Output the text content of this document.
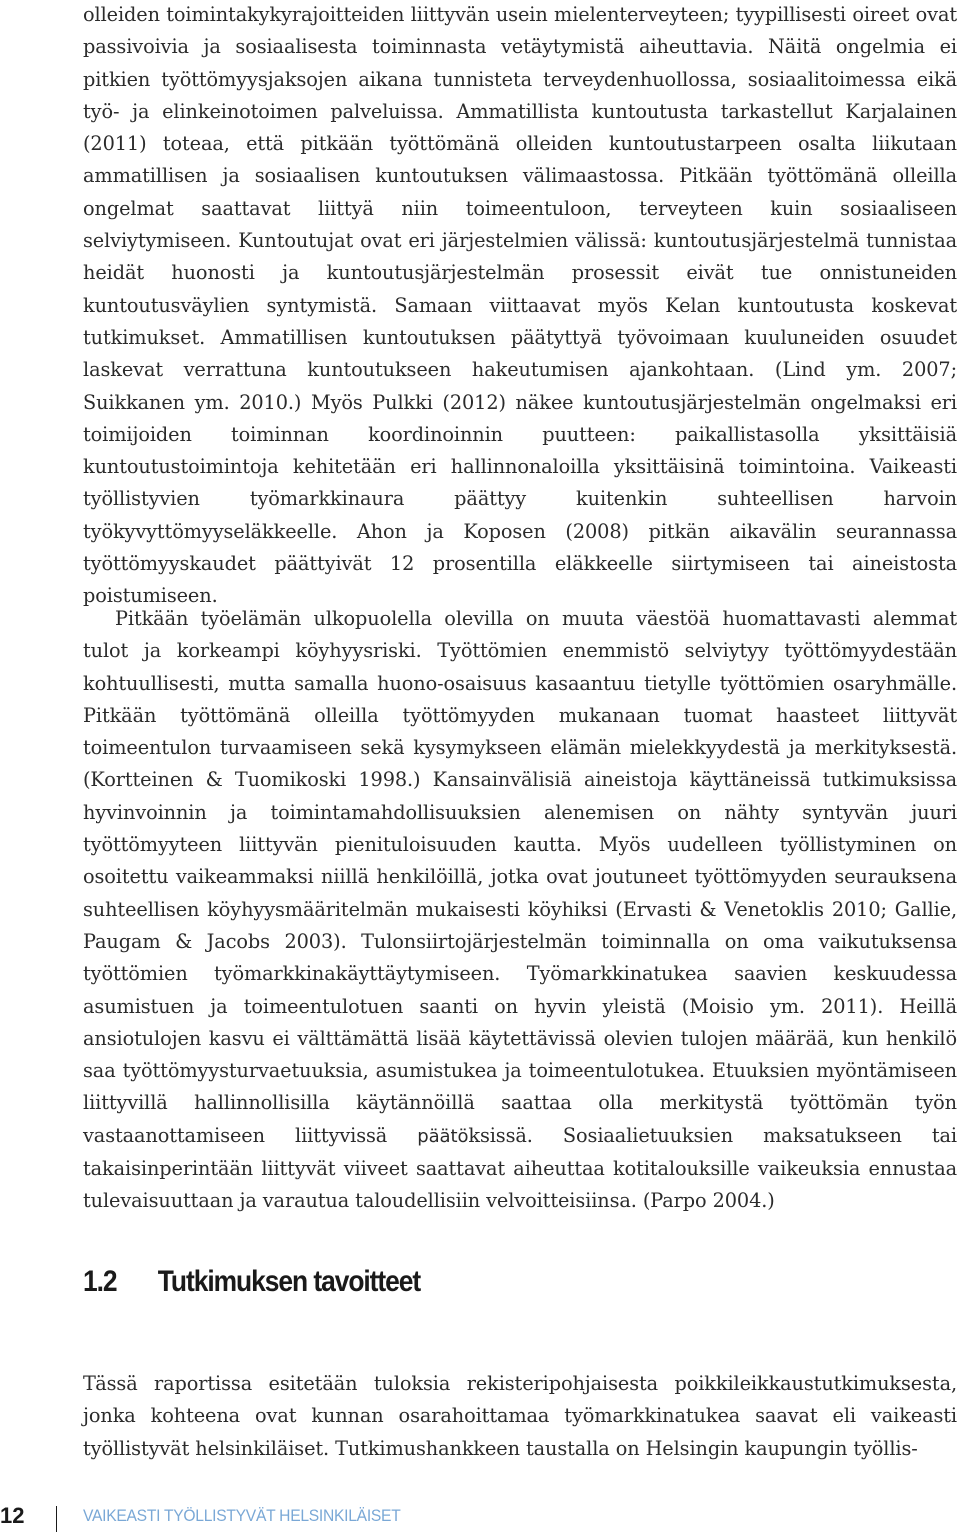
olleiden toimintakykyrajoitteiden liittyvän usein mielenterveyteen; tyypillisesti oireet ovat passivoivia ja sosiaalisesta toiminnasta vetäytymistä aiheuttavia. Näitä ongelmia ei pitkien työttömyysjaksojen aikana tunnisteta terveydenhuollossa, sosiaalitoimessa eikä työ- ja elinkeinotoimen palveluissa. Ammatillista kuntoutusta tarkastellut Karjalainen (2011) toteaa, että pitkään työttömänä olleiden kuntoutustarpeen osalta liikutaan ammatillisen ja sosiaalisen kuntoutuksen välimaastossa. Pitkään työttömänä olleilla ongelmat saattavat liittyä niin toimeentuloon, terveyteen kuin sosiaaliseen selviytymiseen. Kuntoutujat ovat eri järjestelmien välissä: kuntoutusjärjestelmä tunnistaa heidät huonosti ja kuntoutusjärjestelmän prosessit eivät tue onnistuneiden kuntoutusväylien syntymistä. Samaan viittaavat myös Kelan kuntoutusta koskevat tutkimukset. Ammatillisen kuntoutuksen päätyttyä työvoimaan kuuluneiden osuudet laskevat verrattuna kuntoutukseen hakeutumisen ajankohtaan. (Lind ym. 2007; Suikkanen ym. 2010.) Myös Pulkki (2012) näkee kuntoutusjärjestelmän ongelmaksi eri toimijoiden toiminnan koordinoinnin puutteen: paikallistasolla yksittäisiä kuntoutustoimintoja kehitetään eri hallinnonaloilla yksittäisinä toimintoina. Vaikeasti työllistyvien työmarkkinaura päättyy kuitenkin suhteellisen harvoin työkyvyttömyyseläkkeelle. Ahon ja Koposen (2008) pitkän aikavälin seurannassa työttömyyskaudet päättyivät 12 prosentilla eläkkeelle siirtymiseen tai aineistosta poistumiseen.

Pitkään työelämän ulkopuolella olevilla on muuta väestöä huomattavasti alemmat tulot ja korkeampi köyhyysriski. Työttömien enemmistö selviytyy työttömyydestään kohtuullisesti, mutta samalla huono-osaisuus kasaantuu tietylle työttömien osaryhmälle. Pitkään työttömänä olleilla työttömyyden mukanaan tuomat haasteet liittyvät toimeentulon turvaamiseen sekä kysymykseen elämän mielekkyydestä ja merkityksestä. (Kortteinen & Tuomikoski 1998.) Kansainvälisiä aineistoja käyttäneissä tutkimuksissa hyvinvoinnin ja toimintamahdollisuuksien alenemisen on nähty syntyvän juuri työttömyyteen liittyvän pienituloisuuden kautta. Myös uudelleen työllistyminen on osoitettu vaikeammaksi niillä henkilöillä, jotka ovat joutuneet työttömyyden seurauksena suhteellisen köyhyysmääritelmän mukaisesti köyhiksi (Ervasti & Venetoklis 2010; Gallie, Paugam & Jacobs 2003). Tulonsiirtojärjestelmän toiminnalla on oma vaikutuksensa työttömien työmarkkinakäyttäytymiseen. Työmarkkinatukea saavien keskuudessa asumistuen ja toimeentulotuen saanti on hyvin yleistä (Moisio ym. 2011). Heillä ansiotulojen kasvu ei välttämättä lisää käytettävissä olevien tulojen määrää, kun henkilö saa työttömyysturvaetuuksia, asumistukea ja toimeentulotukea. Etuuksien myöntämiseen liittyvillä hallinnollisilla käytännöillä saattaa olla merkitystä työttömän työn vastaanottamiseen liittyvissä päätöksissä. Sosiaalietuuksien maksatukseen tai takaisinperintään liittyvät viiveet saattavat aiheuttaa kotitalouksille vaikeuksia ennustaa tulevaisuuttaan ja varautua taloudellisiin velvoitteisiinsa. (Parpo 2004.)

1.2 Tutkimuksen tavoitteet

Tässä raportissa esitetään tuloksia rekisteripohjaisesta poikkileikkaustutkimuksesta, jonka kohteena ovat kunnan osarahoittamaa työmarkkinatukea saavat eli vaikeasti työllistyvät helsinkiläiset. Tutkimushankkeen taustalla on Helsingin kaupungin työllis-

12	VAIKEASTI TYÖLLISTYVÄT HELSINKILÄISET
